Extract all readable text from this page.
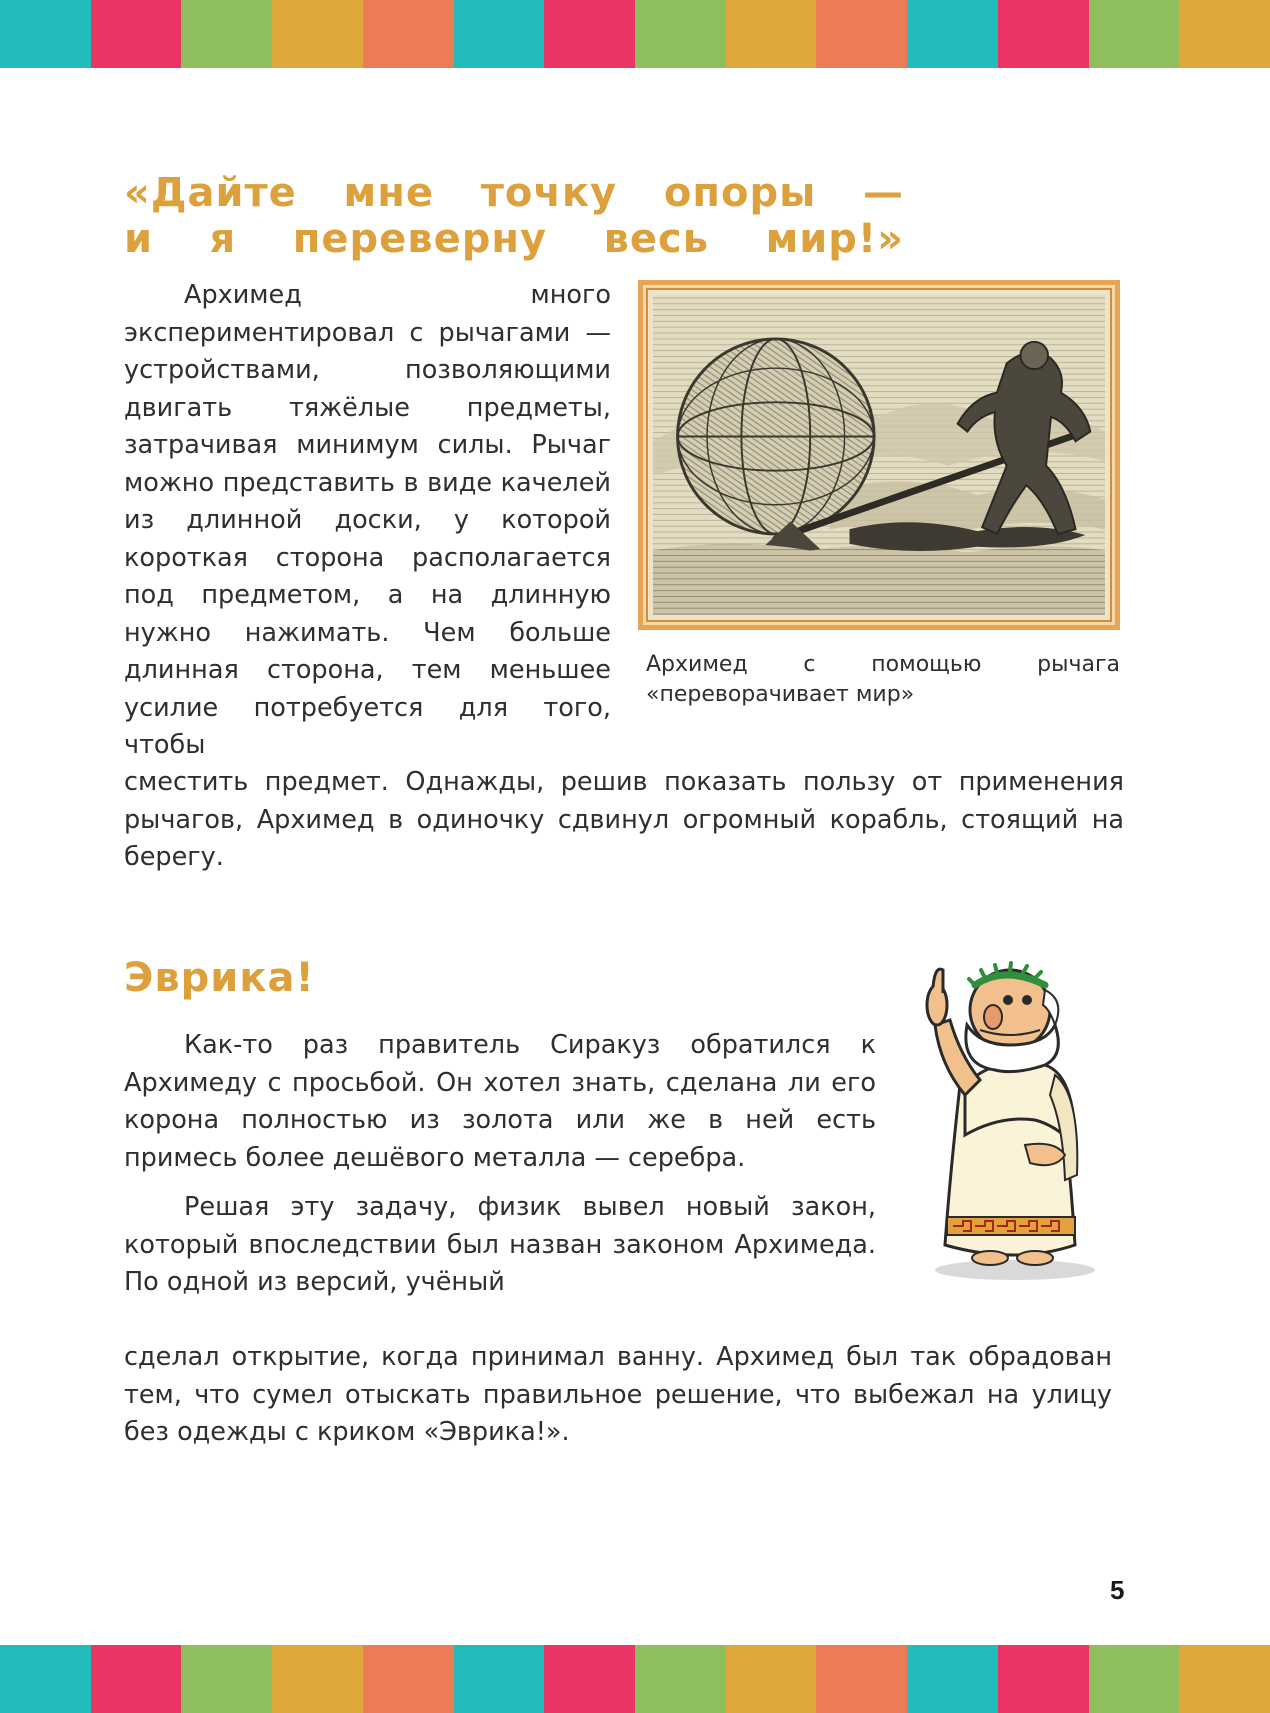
«Дайте мне точку опоры —
и я переверну весь мир!»

Архимед много экспериментировал с рычагами — устройствами, позволяющими двигать тяжёлые предметы, затрачивая минимум силы. Рычаг можно представить в виде качелей из длинной доски, у которой короткая сторона располагается под предметом, а на длинную нужно нажимать. Чем больше длинная сторона, тем меньшее усилие потребуется для того, чтобы

Архимед с помощью рычага «переворачивает мир»

сместить предмет. Однажды, решив показать пользу от применения рычагов, Архимед в одиночку сдвинул огромный корабль, стоящий на берегу.

Эврика!

Как-то раз правитель Сиракуз обратился к Архимеду с просьбой. Он хотел знать, сделана ли его корона полностью из золота или же в ней есть примесь более дешёвого металла — серебра.

Решая эту задачу, физик вывел новый закон, который впоследствии был назван законом Архимеда. По одной из версий, учёный

сделал открытие, когда принимал ванну. Архимед был так обрадован тем, что сумел отыскать правильное решение, что выбежал на улицу без одежды с криком «Эврика!».

5
